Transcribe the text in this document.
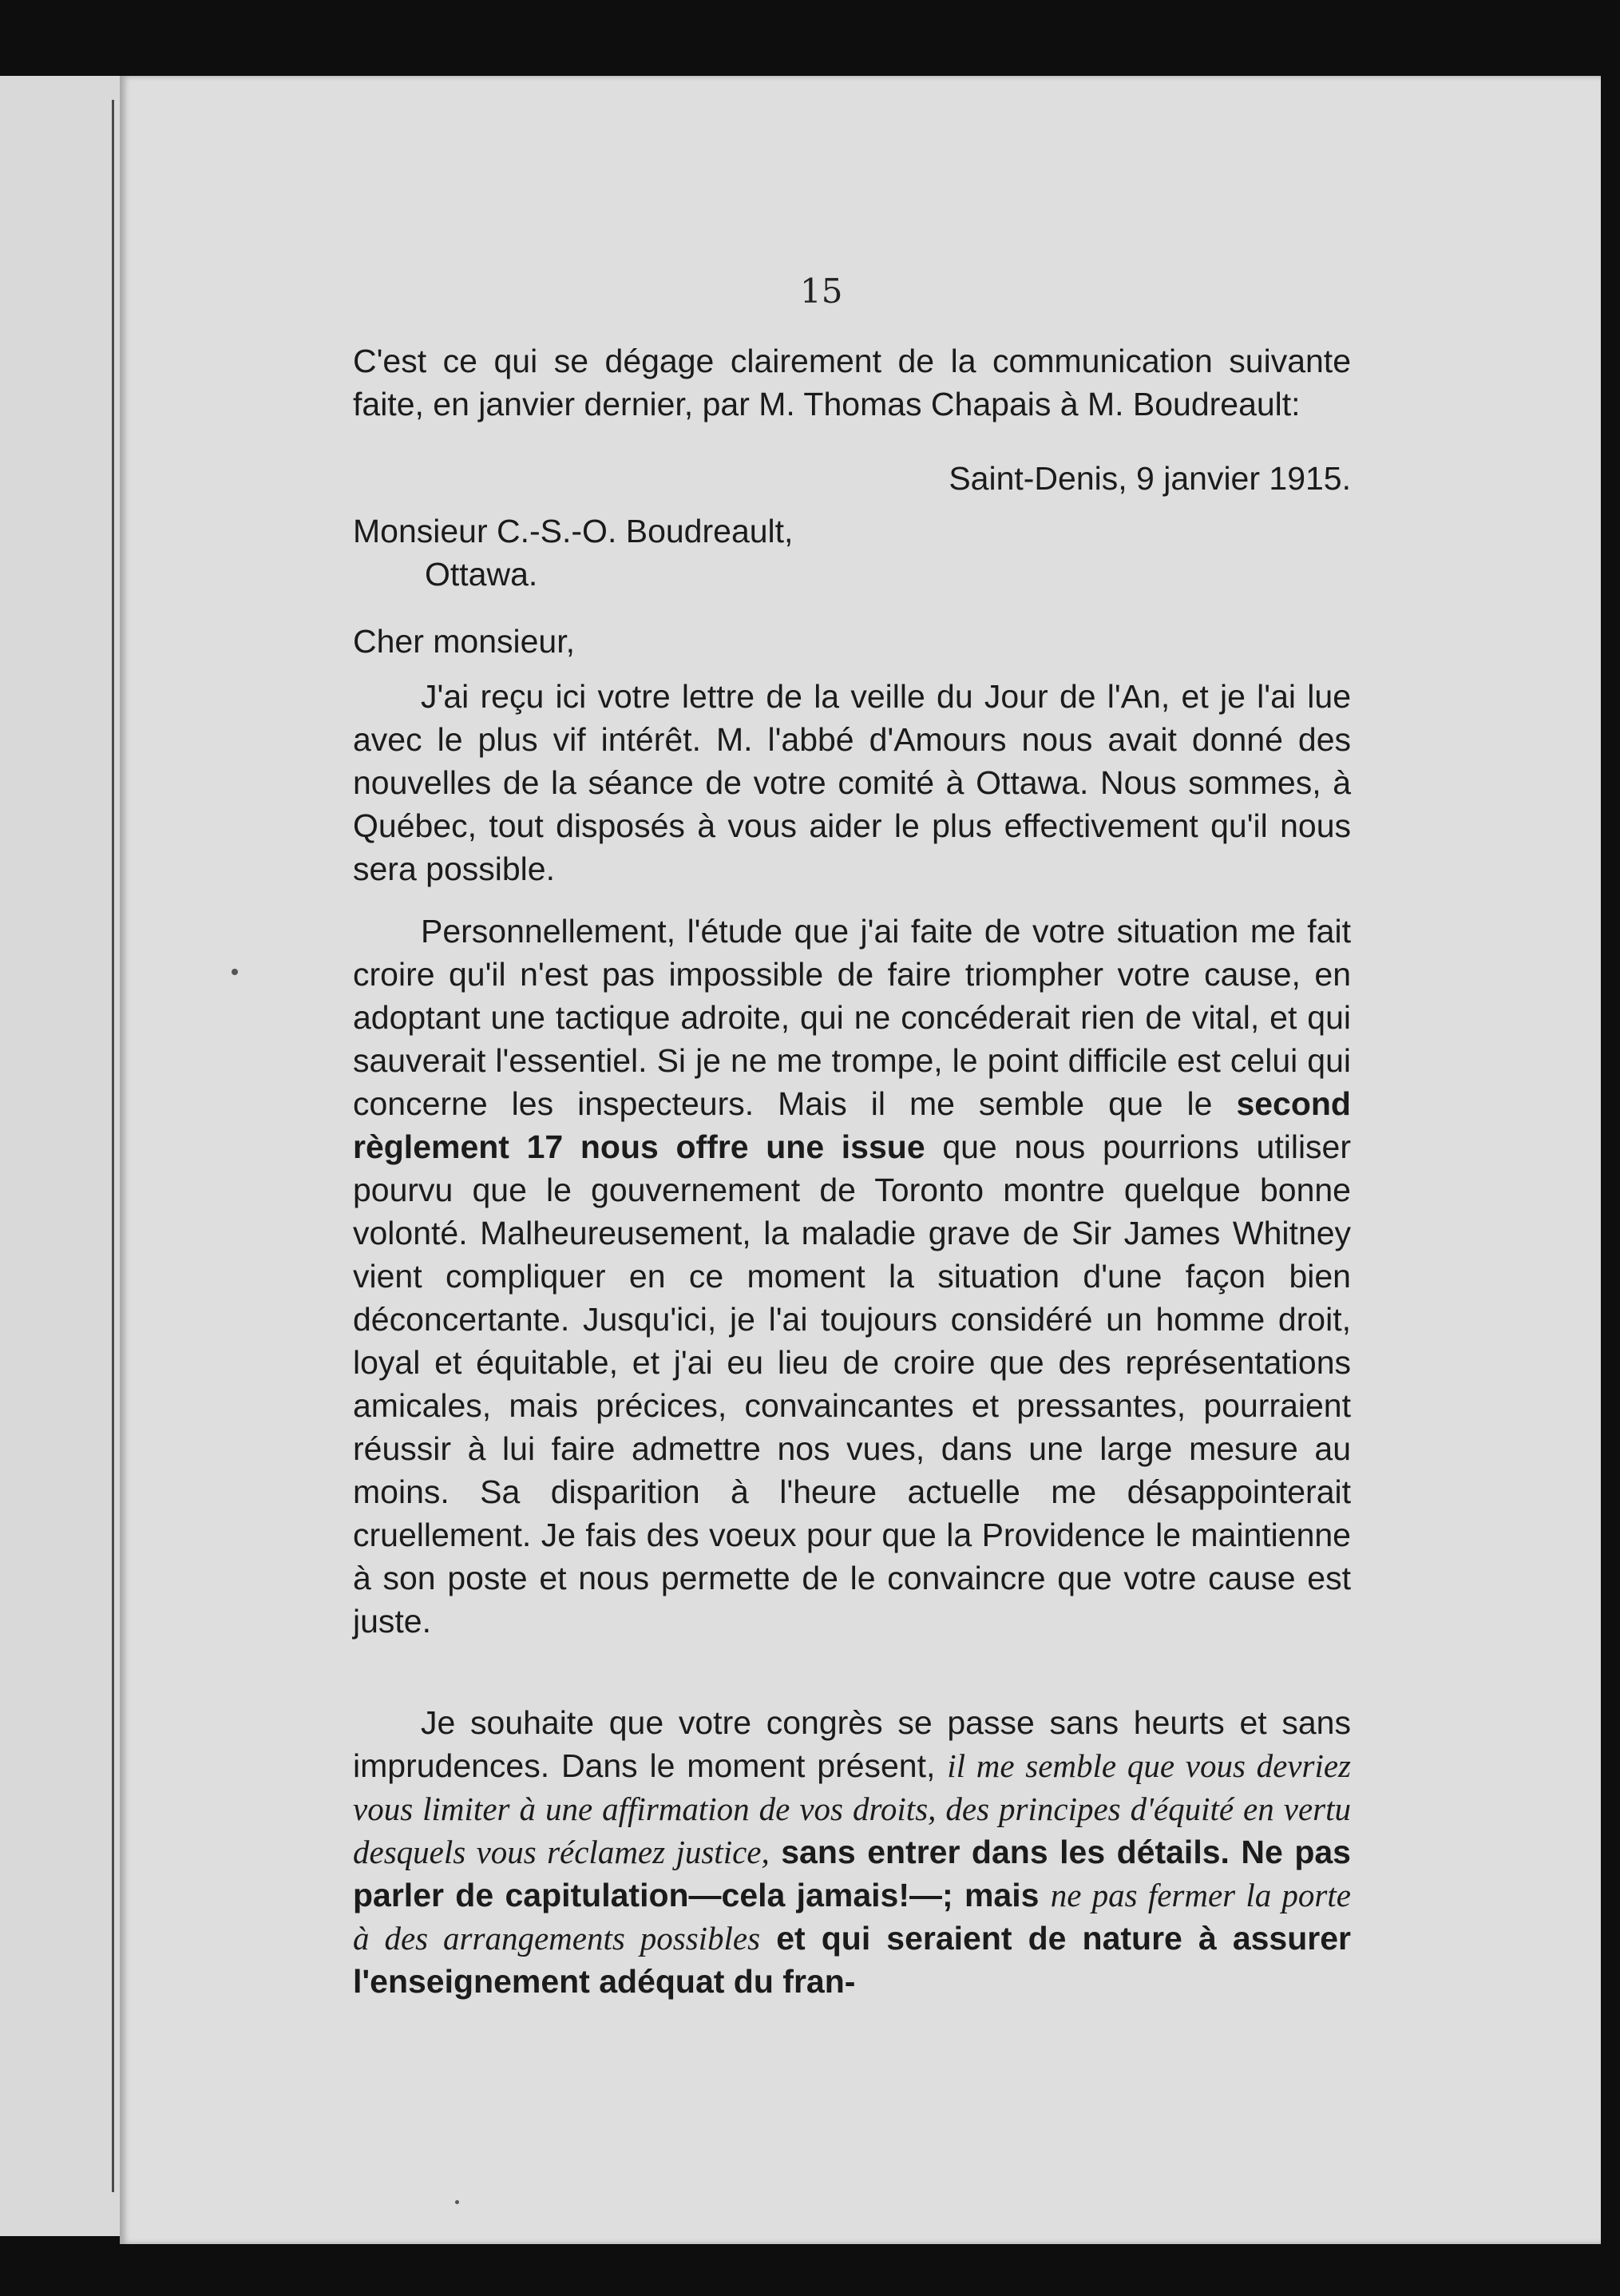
15
C'est ce qui se dégage clairement de la communication suivante faite, en janvier dernier, par M. Thomas Chapais à M. Boudreault:
Saint-Denis, 9 janvier 1915.
Monsieur C.-S.-O. Boudreault,
Ottawa.
Cher monsieur,
J'ai reçu ici votre lettre de la veille du Jour de l'An, et je l'ai lue avec le plus vif intérêt. M. l'abbé d'Amours nous avait donné des nouvelles de la séance de votre comité à Ottawa. Nous sommes, à Québec, tout disposés à vous aider le plus effectivement qu'il nous sera possible.
Personnellement, l'étude que j'ai faite de votre situation me fait croire qu'il n'est pas impossible de faire triompher votre cause, en adoptant une tactique adroite, qui ne concéderait rien de vital, et qui sauverait l'essentiel. Si je ne me trompe, le point difficile est celui qui concerne les inspecteurs. Mais il me semble que le second règlement 17 nous offre une issue que nous pourrions utiliser pourvu que le gouvernement de Toronto montre quelque bonne volonté. Malheureusement, la maladie grave de Sir James Whitney vient compliquer en ce moment la situation d'une façon bien déconcertante. Jusqu'ici, je l'ai toujours considéré un homme droit, loyal et équitable, et j'ai eu lieu de croire que des représentations amicales, mais précices, convaincantes et pressantes, pourraient réussir à lui faire admettre nos vues, dans une large mesure au moins. Sa disparition à l'heure actuelle me désappointerait cruellement. Je fais des voeux pour que la Providence le maintienne à son poste et nous permette de le convaincre que votre cause est juste.
Je souhaite que votre congrès se passe sans heurts et sans imprudences. Dans le moment présent, il me semble que vous devriez vous limiter à une affirmation de vos droits, des principes d'équité en vertu desquels vous réclamez justice, sans entrer dans les détails. Ne pas parler de capitulation—cela jamais!—; mais ne pas fermer la porte à des arrangements possibles et qui seraient de nature à assurer l'enseignement adéquat du fran-
